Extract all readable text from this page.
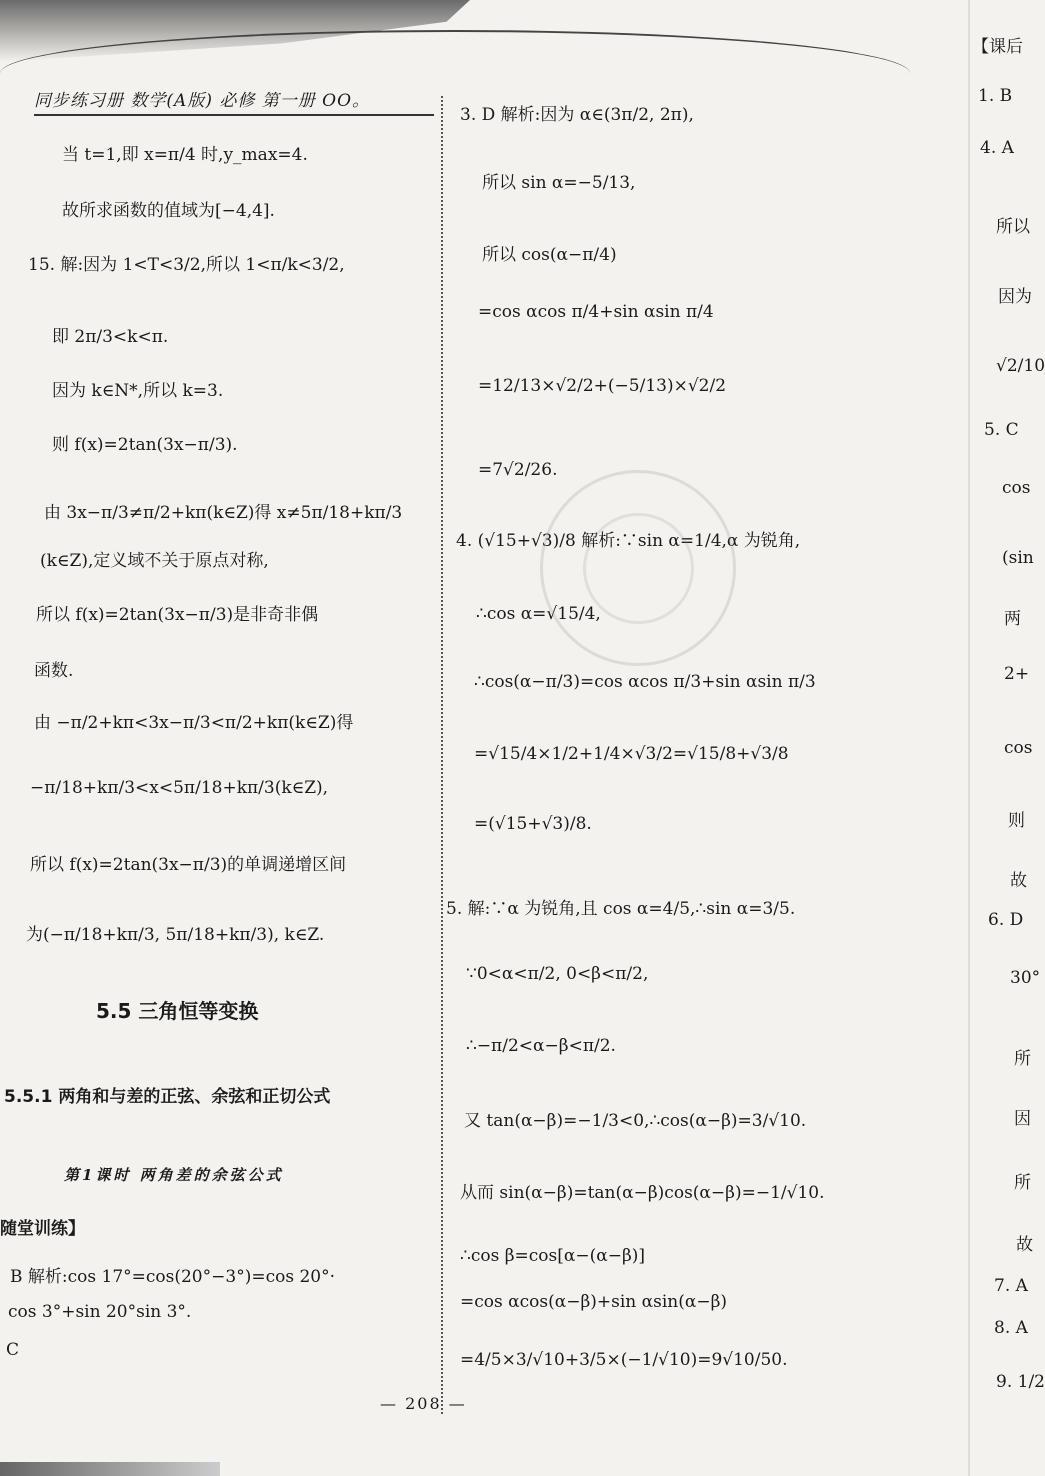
同步练习册 数学(A版) 必修 第一册 OO。
当 t=1,即 x=π/4 时,y_max=4.
故所求函数的值域为[−4,4].
15. 解:因为 1<T<3/2,所以 1<π/k<3/2,
即 2π/3<k<π.
因为 k∈N*,所以 k=3.
则 f(x)=2tan(3x−π/3).
由 3x−π/3≠π/2+kπ(k∈Z)得 x≠5π/18+kπ/3
(k∈Z),定义域不关于原点对称,
所以 f(x)=2tan(3x−π/3)是非奇非偶
函数.
由 −π/2+kπ<3x−π/3<π/2+kπ(k∈Z)得
−π/18+kπ/3<x<5π/18+kπ/3(k∈Z),
所以 f(x)=2tan(3x−π/3)的单调递增区间
为(−π/18+kπ/3, 5π/18+kπ/3), k∈Z.
5.5 三角恒等变换
5.5.1 两角和与差的正弦、余弦和正切公式
第1课时 两角差的余弦公式
随堂训练】
B 解析:cos 17°=cos(20°−3°)=cos 20°·
cos 3°+sin 20°sin 3°.
C
3. D 解析:因为 α∈(3π/2, 2π),
所以 sin α=−5/13,
所以 cos(α−π/4)
=cos αcos π/4+sin αsin π/4
=12/13×√2/2+(−5/13)×√2/2
=7√2/26.
4. (√15+√3)/8 解析:∵sin α=1/4,α 为锐角,
∴cos α=√15/4,
∴cos(α−π/3)=cos αcos π/3+sin αsin π/3
=√15/4×1/2+1/4×√3/2=√15/8+√3/8
=(√15+√3)/8.
5. 解:∵α 为锐角,且 cos α=4/5,∴sin α=3/5.
∵0<α<π/2, 0<β<π/2,
∴−π/2<α−β<π/2.
又 tan(α−β)=−1/3<0,∴cos(α−β)=3/√10.
从而 sin(α−β)=tan(α−β)cos(α−β)=−1/√10.
∴cos β=cos[α−(α−β)]
=cos αcos(α−β)+sin αsin(α−β)
=4/5×3/√10+3/5×(−1/√10)=9√10/50.
— 208 —
【课后
1. B
4. A
所以
因为
√2/10
5. C
cos
(sin
两
2+
cos
则
故
6. D
30°
所
因
所
故
7. A
8. A
9. 1/2
